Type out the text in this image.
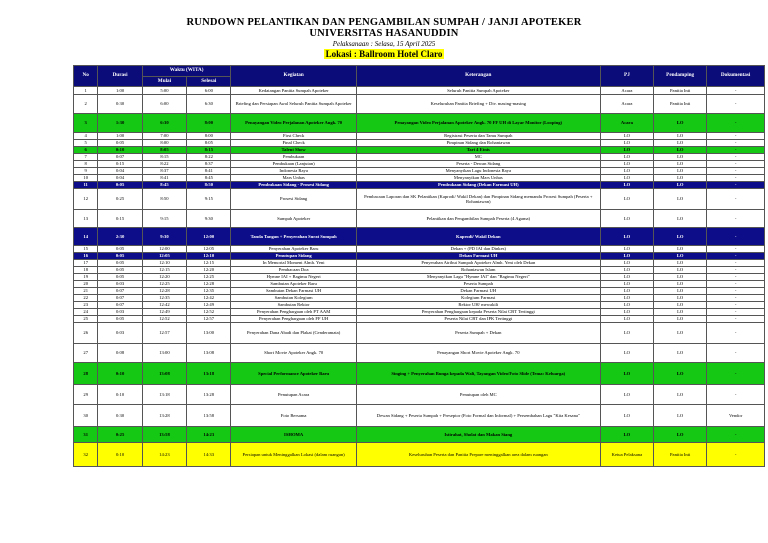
RUNDOWN PELANTIKAN DAN PENGAMBILAN SUMPAH / JANJI APOTEKER
UNIVERSITAS HASANUDDIN
Pelaksanaan : Selasa, 15 April 2025
Lokasi : Ballroom Hotel Claro
No	Durasi	Waktu (WITA)		Kegiatan	Keterangan	PJ	Pendamping	Dokumentasi
		Mulai	Selesai					
1	1:00	5:00	6:00	Kedatangan Panitia Sumpah Apoteker	Seluruh Panitia Sumpah Apoteker	Acara	Panitia Inti	-
2	0:30	6:00	6:30	Briefing dan Persiapan Awal Seluruh Panitia Sumpah Apoteker	Keseluruhan Panitia Briefing + Div. masing-masing	Acara	Panitia Inti	-
3	1:30	6:30	8:00	Penayangan Video Perjalanan Apoteker Angk. 70	Penayangan Video Perjalanan Apoteker Angk. 70 FF UH di Layar Monitor (Looping)	Acara	LO	-
4	1:00	7:00	8:00	First Check	Registrasi Peserta dan Tamu Sumpah	LO	LO	-
5	0:05	8:00	8:05	Final Check	Pimpinan Sidang dan Rohaniawan	LO	LO	-
6	0:10	8:05	8:15	Talent Show	Tari 4 Etnis	LO	LO	-
7	0:07	8:15	8:22	Pembukaan	MC	LO	LO	-
8	0:15	8:22	8:37	Pembukaan (Lanjutan)	Peserta - Dewan Sidang	LO	LO	-
9	0:04	8:37	8:41	Indonesia Raya	Menyanyikan Lagu Indonesia Raya	LO	LO	-
10	0:04	8:41	8:45	Mars Unhas	Menyanyikan Mars Unhas	LO	LO	-
11	0:05	8:45	8:50	Pembukaan Sidang - Prosesi Sidang	Pembukaan Sidang (Dekan Farmasi UH)	LO	LO	-
12	0:25	8:50	9:15	Prosesi Sidang	Pembacaan Laporan dan SK Pelantikan (Kaprodi/ Wakil Dekan) dan Pimpinan Sidang memandu Prosesi Sumpah (Peserta + Rohaniawan)	LO	LO	-
13	0:15	9:15	9:30	Sumpah Apoteker	Pelantikan dan Pengambilan Sumpah Peserta (4 Agama)	LO	LO	-
14	2:30	9:30	12:00	Tanda Tangan + Penyerahan Surat Sumpah	Kaprodi/ Wakil Dekan	LO	LO	-
15	0:05	12:00	12:05	Penyerahan Apoteker Baru	Dekan + (PD IAI dan Dinkes)	LO	LO	-
16	0:05	12:05	12:10	Penutupan Sidang	Dekan Farmasi UH	LO	LO	-
17	0:05	12:10	12:15	In Memorial Moment Almh. Yeni	Penyerahan Atribut Sumpah Apoteker Almh. Yeni oleh Dekan	LO	LO	-
18	0:05	12:15	12:20	Pembacaan Doa	Rohaniawan Islam	LO	LO	-
19	0:05	12:20	12:25	Hymne IAI + Bagimu Negeri	Menyanyikan Lagu "Hymne IAI" dan "Bagimu Negeri"	LO	LO	-
20	0:03	12:25	12:28	Sambutan Apoteker Baru	Peserta Sumpah	LO	LO	-
21	0:07	12:28	12:35	Sambutan Dekan Farmasi UH	Dekan Farmasi UH	LO	LO	-
22	0:07	12:35	12:42	Sambutan Kolegium	Kolegium Farmasi	LO	LO	-
23	0:07	12:42	12:49	Sambutan Rektor	Rektor UH/ mewakili	LO	LO	-
24	0:03	12:49	12:52	Penyerahan Penghargaan oleh PT AAM	Penyerahan Penghargaan kepada Peserta Nilai CBT Tertinggi	LO	LO	-
25	0:05	12:52	12:57	Penyerahan Penghargaan oleh FF UH	Peserta Nilai CBT dan IPK Tertinggi	LO	LO	-
26	0:03	12:57	13:00	Penyerahan Dana Abadi dan Plakat (Cenderamata)	Peserta Sumpah + Dekan	LO	LO	-
27	0:08	13:00	13:08	Short Movie Apoteker Angk. 70	Penayangan Short Movie Apoteker Angk. 70	LO	LO	-
28	0:10	13:08	13:18	Special Performance Apoteker Baru	Singing + Penyerahan Bunga kepada Wali, Tayangan Video/Foto Slide (Tema: Keluarga)	LO	LO	-
29	0:10	13:18	13:28	Penutupan Acara	Penutupan oleh MC	LO	LO	-
30	0:30	13:28	13:58	Foto Bersama	Dewan Sidang + Peserta Sumpah + Preseptor (Foto Formal dan Informal) + Persembahan Lagu "Kita Kesana"	LO	LO	Vendor
31	0:25	13:58	14:23	ISHOMA	Istirahat, Sholat dan Makan Siang	LO	LO	-
32	0:10	14:23	14:33	Persiapan untuk Meninggalkan Lokasi (dalam ruangan)	Keseluruhan Peserta dan Panitia Prepare meninggalkan area dalam ruangan	Ketua Pelaksana	Panitia Inti	-
